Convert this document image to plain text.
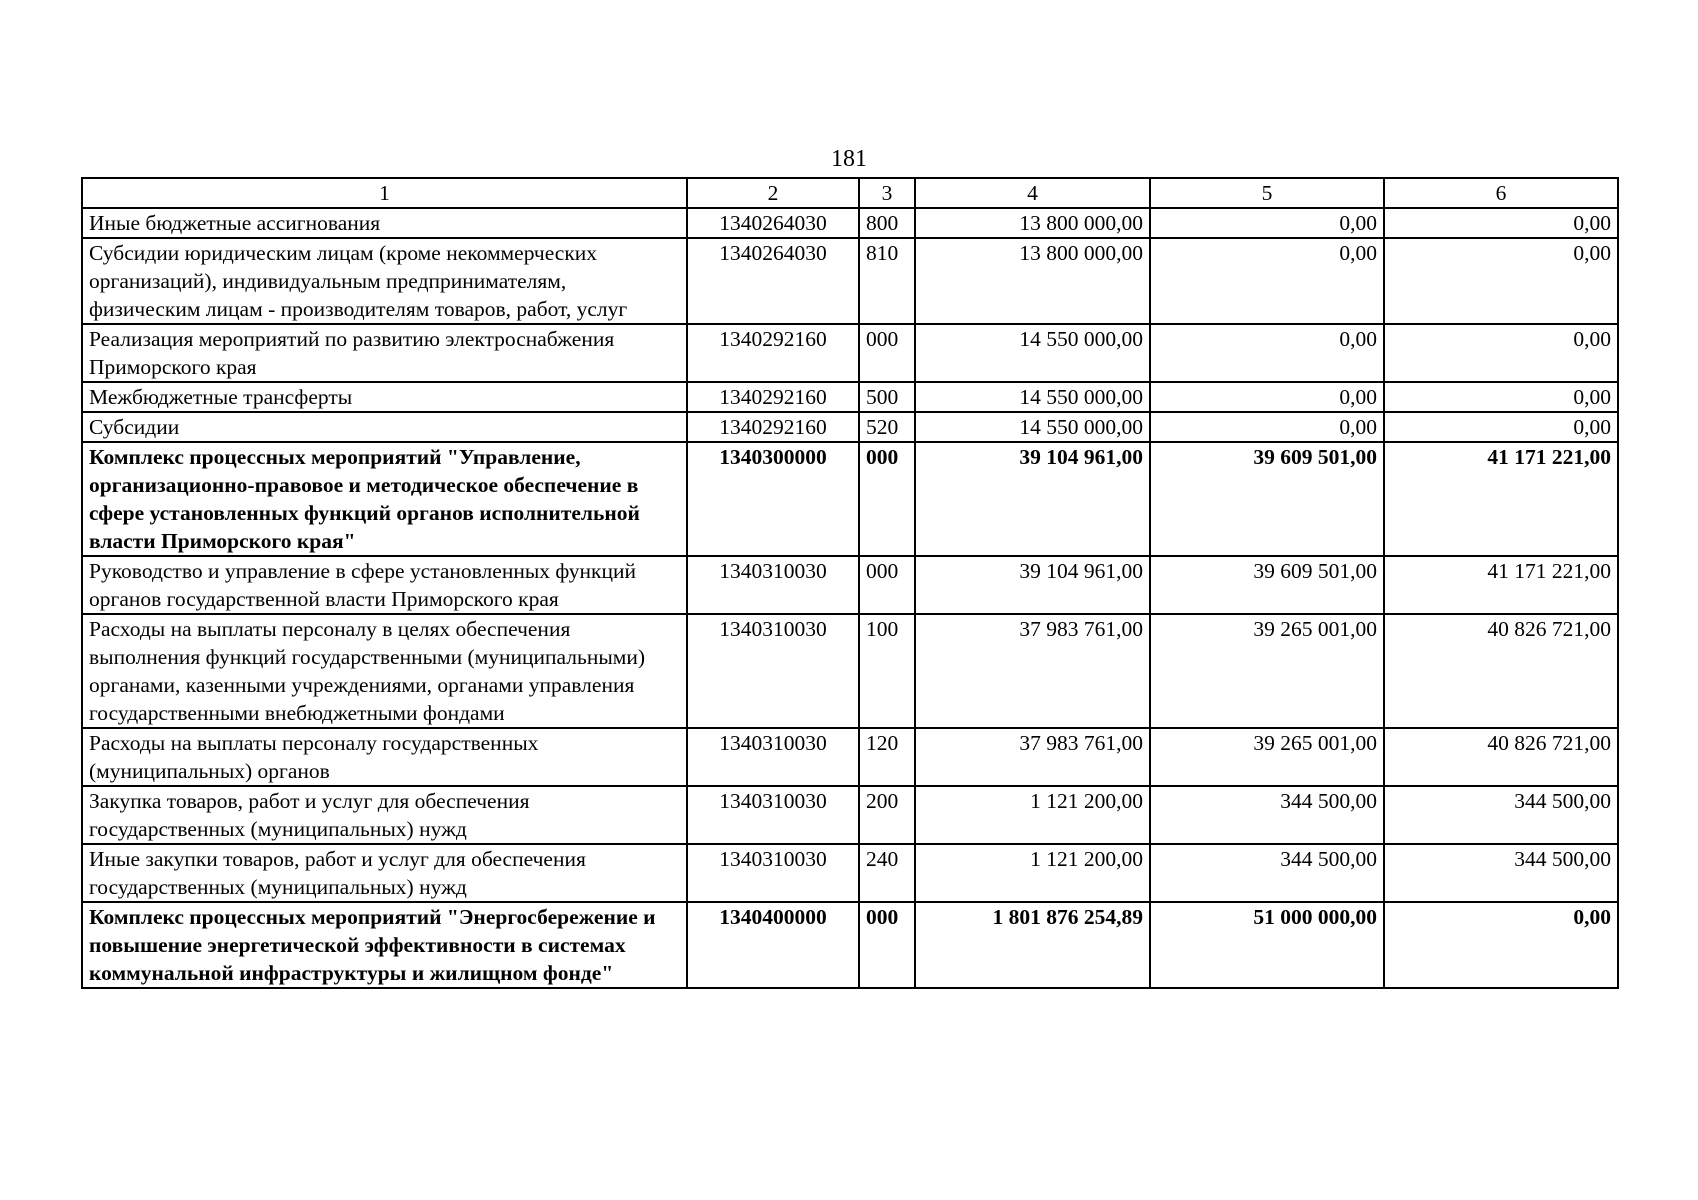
181
1	2	3	4	5	6
Иные бюджетные ассигнования	1340264030	800	13 800 000,00	0,00	0,00
Субсидии юридическим лицам (кроме некоммерческих организаций), индивидуальным предпринимателям, физическим лицам - производителям товаров, работ, услуг	1340264030	810	13 800 000,00	0,00	0,00
Реализация мероприятий по развитию электроснабжения Приморского края	1340292160	000	14 550 000,00	0,00	0,00
Межбюджетные трансферты	1340292160	500	14 550 000,00	0,00	0,00
Субсидии	1340292160	520	14 550 000,00	0,00	0,00
Комплекс процессных мероприятий "Управление, организационно-правовое и методическое обеспечение в сфере установленных функций органов исполнительной власти Приморского края"	1340300000	000	39 104 961,00	39 609 501,00	41 171 221,00
Руководство и управление в сфере установленных функций органов государственной власти Приморского края	1340310030	000	39 104 961,00	39 609 501,00	41 171 221,00
Расходы на выплаты персоналу в целях обеспечения выполнения функций государственными (муниципальными) органами, казенными учреждениями, органами управления государственными внебюджетными фондами	1340310030	100	37 983 761,00	39 265 001,00	40 826 721,00
Расходы на выплаты персоналу государственных (муниципальных) органов	1340310030	120	37 983 761,00	39 265 001,00	40 826 721,00
Закупка товаров, работ и услуг для обеспечения государственных (муниципальных) нужд	1340310030	200	1 121 200,00	344 500,00	344 500,00
Иные закупки товаров, работ и услуг для обеспечения государственных (муниципальных) нужд	1340310030	240	1 121 200,00	344 500,00	344 500,00
Комплекс процессных мероприятий "Энергосбережение и повышение энергетической эффективности в системах коммунальной инфраструктуры и жилищном фонде"	1340400000	000	1 801 876 254,89	51 000 000,00	0,00
